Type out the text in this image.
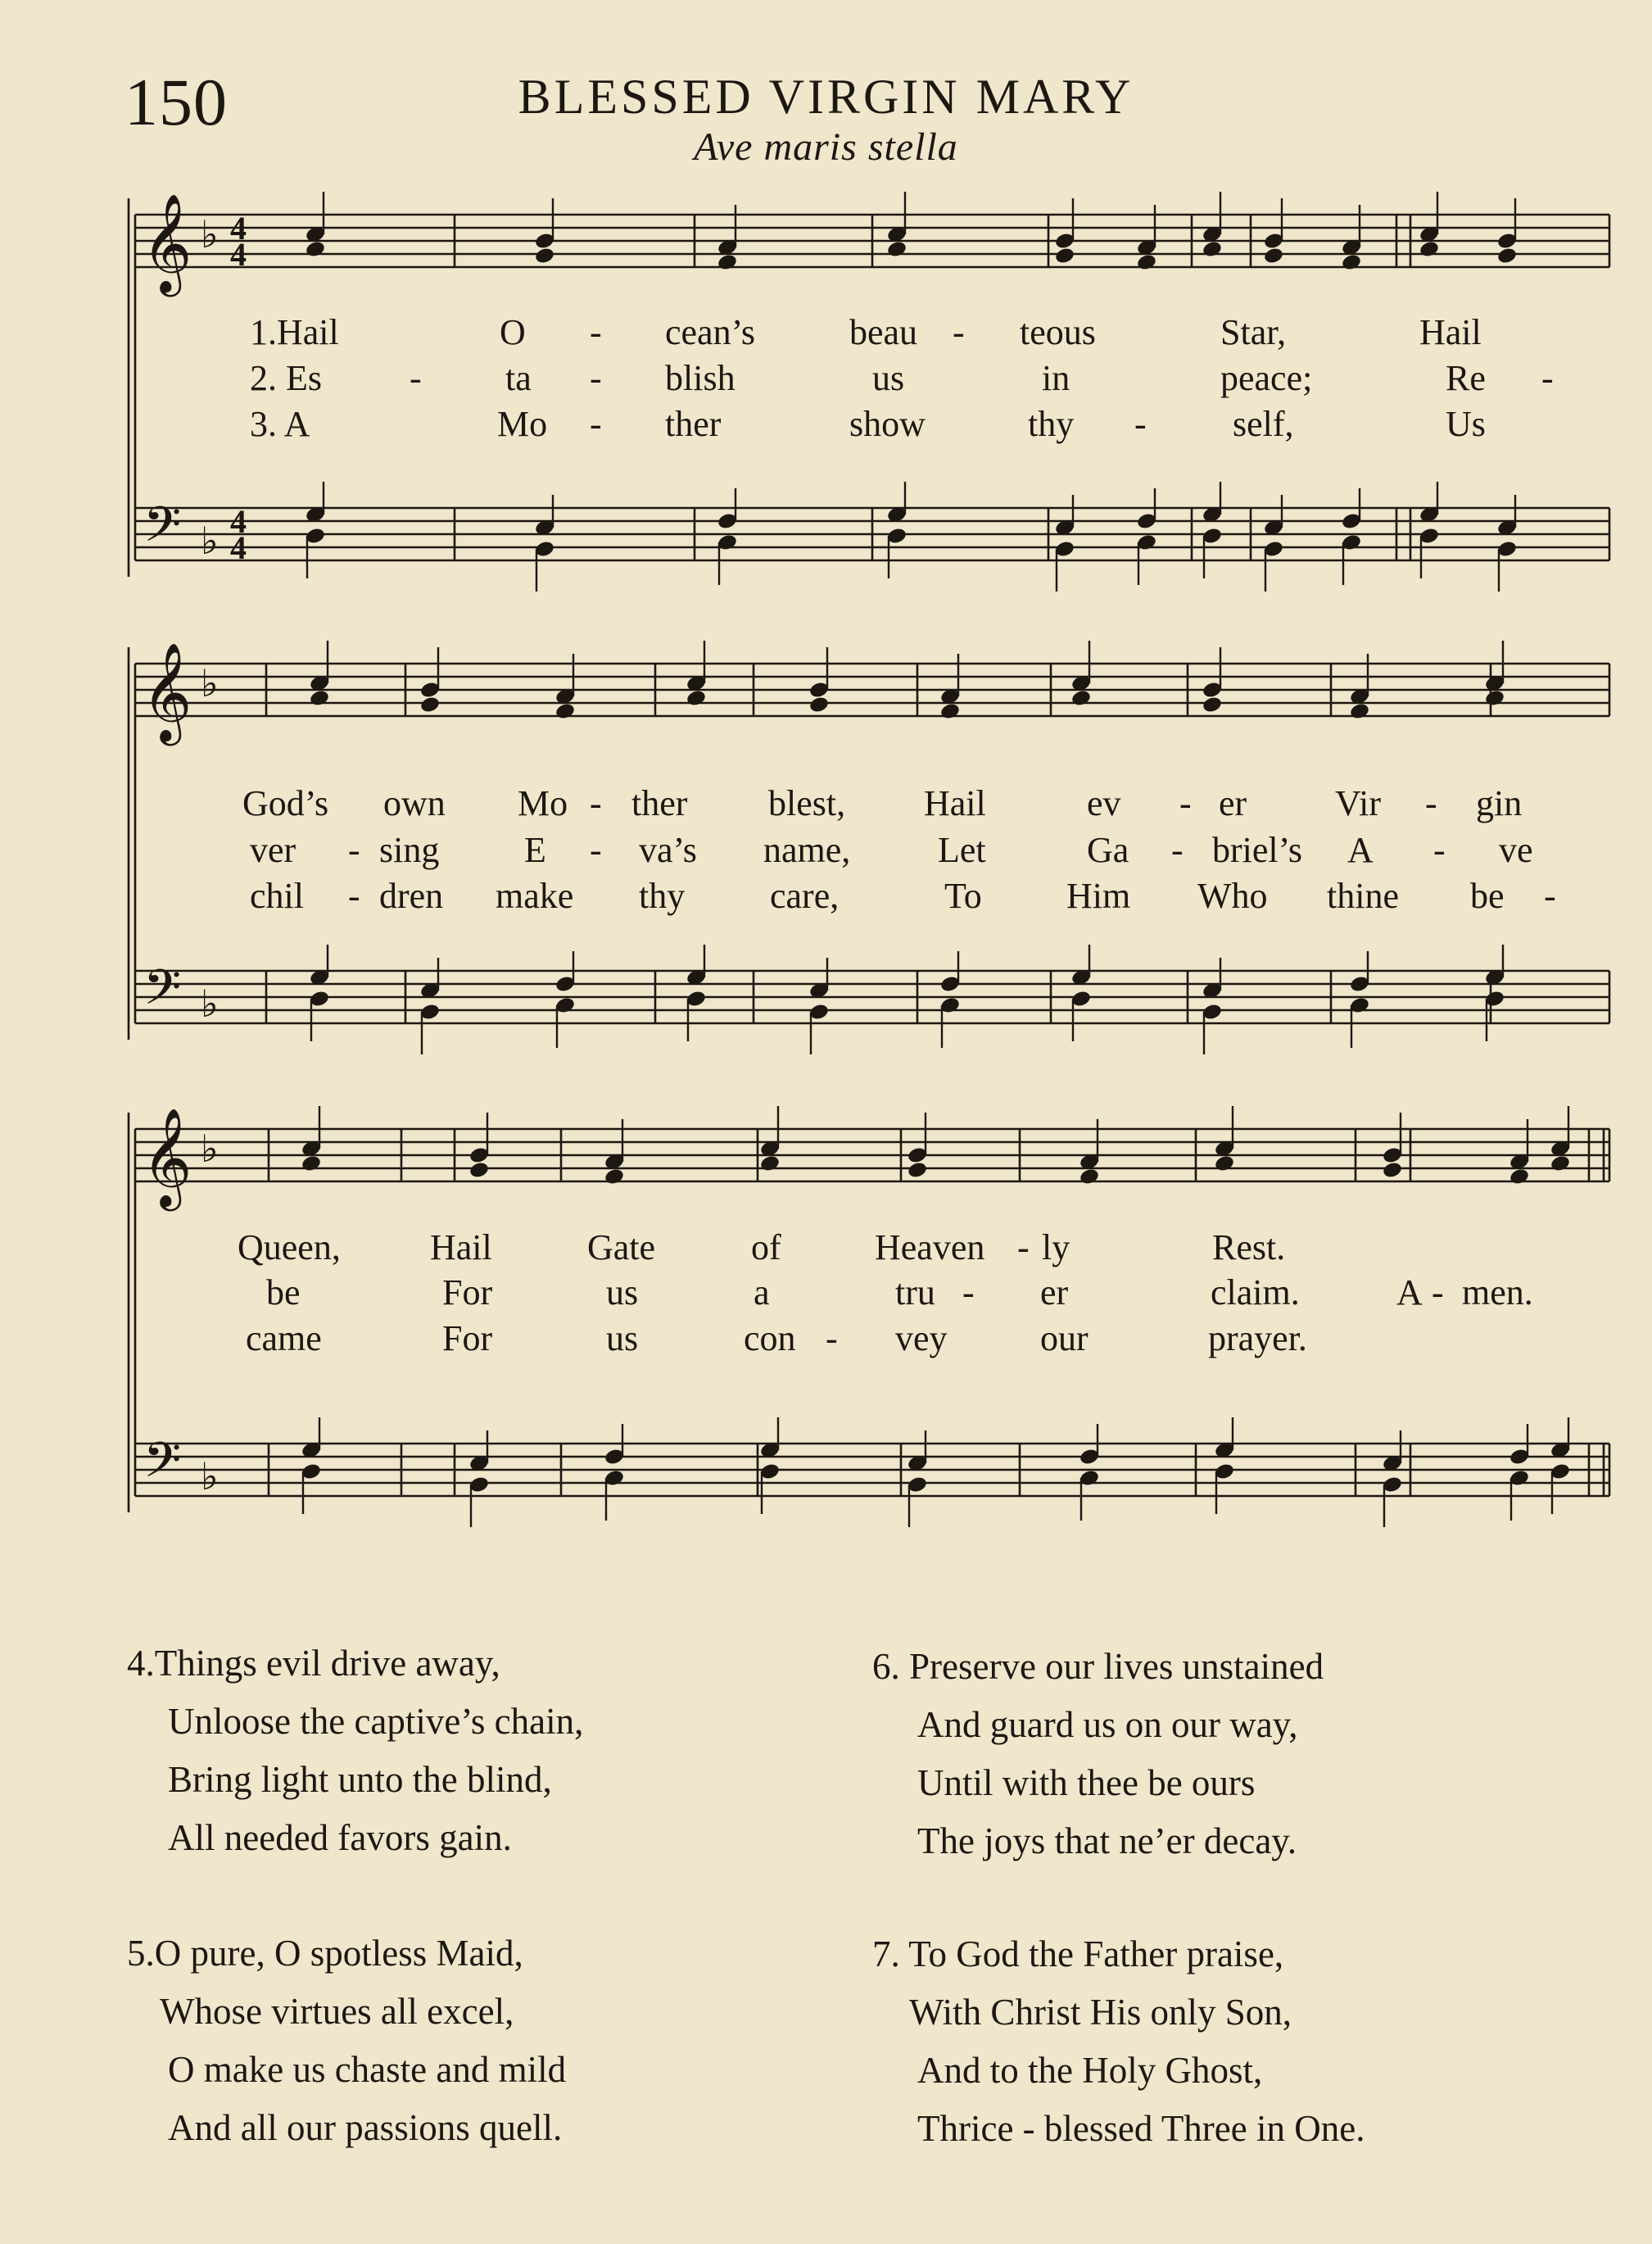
150	BLESSED VIRGIN MARY
Ave maris stella
𝄞
𝄢
♭
♭
4
4
4
4
𝄞
𝄢
♭
♭
𝄞
𝄢
♭
♭
1.Hail	O - cean’s	beau - teous	Star,	Hail
2. Es - ta - blish	us	in	peace;	Re -
3. A	Mo - ther	show	thy - self,	Us
God’s own Mo - ther blest, Hail	ev - er Vir - gin
ver - sing E - va’s name, Let	Ga - briel’s A - ve
chil - dren make thy care,	To Him Who thine be -
Queen, Hail	Gate	of	Heaven - ly	Rest.
be	For	us	a	tru - er	claim.	A - men.
came	For	us	con - vey	our	prayer.
4.Things evil drive away,
Unloose the captive’s chain,
Bring light unto the blind,
All needed favors gain.
5.O pure, O spotless Maid,
Whose virtues all excel,
O make us chaste and mild
And all our passions quell.
6. Preserve our lives unstained
And guard us on our way,
Until with thee be ours
The joys that ne’er decay.
7. To God the Father praise,
With Christ His only Son,
And to the Holy Ghost,
Thrice - blessed Three in One.
